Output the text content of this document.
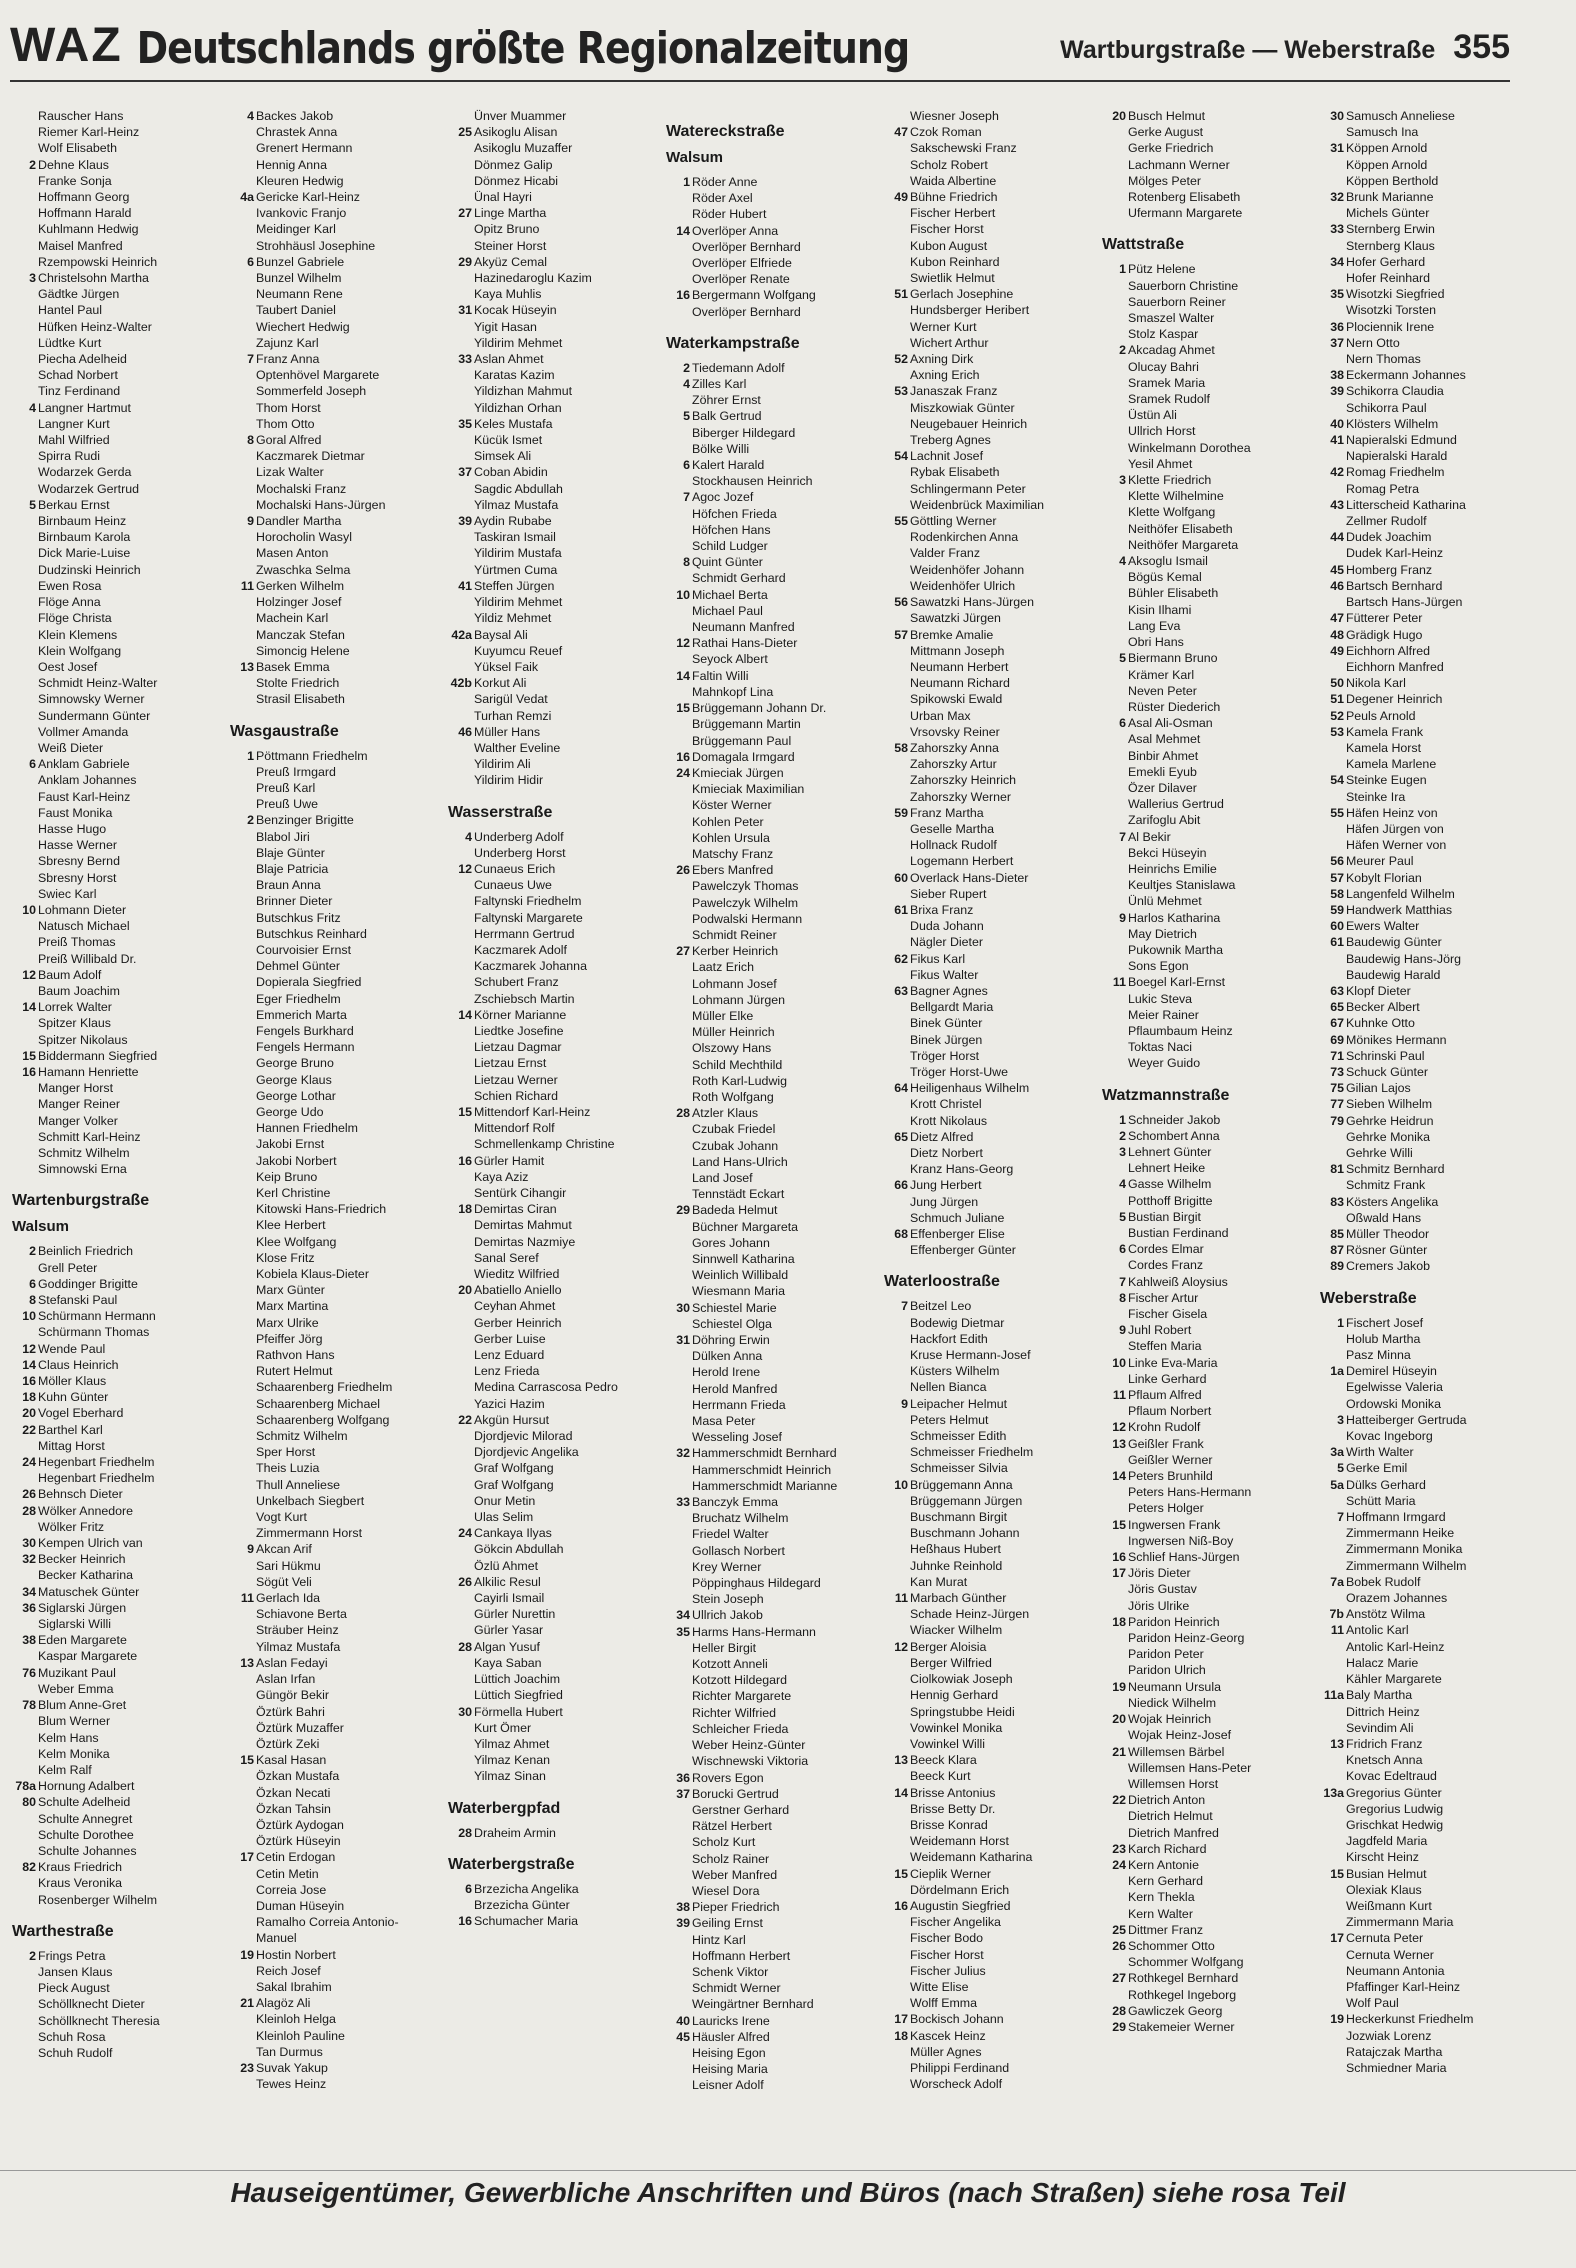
WAZ Deutschlands größte Regionalzeitung	Wartburgstraße — Weberstraße 355
Rauscher Hans
Riemer Karl-Heinz
Wolf Elisabeth
2 Dehne Klaus
Franke Sonja
Hoffmann Georg
Hoffmann Harald
Kuhlmann Hedwig
Maisel Manfred
Rzempowski Heinrich
3 Christelsohn Martha
Gädtke Jürgen
Hantel Paul
Hüfken Heinz-Walter
Lüdtke Kurt
Piecha Adelheid
Schad Norbert
Tinz Ferdinand
4 Langner Hartmut
Langner Kurt
Mahl Wilfried
Spirra Rudi
Wodarzek Gerda
Wodarzek Gertrud
5 Berkau Ernst
Birnbaum Heinz
Birnbaum Karola
Dick Marie-Luise
Dudzinski Heinrich
Ewen Rosa
Flöge Anna
Flöge Christa
Klein Klemens
Klein Wolfgang
Oest Josef
Schmidt Heinz-Walter
Simnowsky Werner
Sundermann Günter
Vollmer Amanda
Weiß Dieter
6 Anklam Gabriele
Anklam Johannes
Faust Karl-Heinz
Faust Monika
Hasse Hugo
Hasse Werner
Sbresny Bernd
Sbresny Horst
Swiec Karl
10 Lohmann Dieter
Natusch Michael
Preiß Thomas
Preiß Willibald Dr.
12 Baum Adolf
Baum Joachim
14 Lorrek Walter
Spitzer Klaus
Spitzer Nikolaus
15 Biddermann Siegfried
16 Hamann Henriette
Manger Horst
Manger Reiner
Manger Volker
Schmitt Karl-Heinz
Schmitz Wilhelm
Simnowski Erna
Wartenburgstraße
Walsum
2 Beinlich Friedrich
Grell Peter
6 Goddinger Brigitte
8 Stefanski Paul
10 Schürmann Hermann
Schürmann Thomas
12 Wende Paul
14 Claus Heinrich
16 Möller Klaus
18 Kuhn Günter
20 Vogel Eberhard
22 Barthel Karl
Mittag Horst
24 Hegenbart Friedhelm
Hegenbart Friedhelm
26 Behnsch Dieter
28 Wölker Annedore
Wölker Fritz
30 Kempen Ulrich van
32 Becker Heinrich
Becker Katharina
34 Matuschek Günter
36 Siglarski Jürgen
Siglarski Willi
38 Eden Margarete
Kaspar Margarete
76 Muzikant Paul
Weber Emma
78 Blum Anne-Gret
Blum Werner
Kelm Hans
Kelm Monika
Kelm Ralf
78a Hornung Adalbert
80 Schulte Adelheid
Schulte Annegret
Schulte Dorothee
Schulte Johannes
82 Kraus Friedrich
Kraus Veronika
Rosenberger Wilhelm
Warthestraße
2 Frings Petra
Jansen Klaus
Pieck August
Schöllknecht Dieter
Schöllknecht Theresia
Schuh Rosa
Schuh Rudolf
4 Backes Jakob
Chrastek Anna
Grenert Hermann
Hennig Anna
Kleuren Hedwig
4a Gericke Karl-Heinz
Ivankovic Franjo
Meidinger Karl
Strohhäusl Josephine
6 Bunzel Gabriele
Bunzel Wilhelm
Neumann Rene
Taubert Daniel
Wiechert Hedwig
Zajunz Karl
7 Franz Anna
Optenhövel Margarete
Sommerfeld Joseph
Thom Horst
Thom Otto
8 Goral Alfred
Kaczmarek Dietmar
Lizak Walter
Mochalski Franz
Mochalski Hans-Jürgen
9 Dandler Martha
Horocholin Wasyl
Masen Anton
Zwaschka Selma
11 Gerken Wilhelm
Holzinger Josef
Machein Karl
Manczak Stefan
Simoncig Helene
13 Basek Emma
Stolte Friedrich
Strasil Elisabeth
Wasgaustraße
1 Pöttmann Friedhelm
Preuß Irmgard
Preuß Karl
Preuß Uwe
2 Benzinger Brigitte
Blabol Jiri
Blaje Günter
Blaje Patricia
Braun Anna
Brinner Dieter
Butschkus Fritz
Butschkus Reinhard
Courvoisier Ernst
Dehmel Günter
Dopierala Siegfried
Eger Friedhelm
Emmerich Marta
Fengels Burkhard
Fengels Hermann
George Bruno
George Klaus
George Lothar
George Udo
Hannen Friedhelm
Jakobi Ernst
Jakobi Norbert
Keip Bruno
Kerl Christine
Kitowski Hans-Friedrich
Klee Herbert
Klee Wolfgang
Klose Fritz
Kobiela Klaus-Dieter
Marx Günter
Marx Martina
Marx Ulrike
Pfeiffer Jörg
Rathvon Hans
Rutert Helmut
Schaarenberg Friedhelm
Schaarenberg Michael
Schaarenberg Wolfgang
Schmitz Wilhelm
Sper Horst
Theis Luzia
Thull Anneliese
Unkelbach Siegbert
Vogt Kurt
Zimmermann Horst
9 Akcan Arif
Sari Hükmu
Sögüt Veli
11 Gerlach Ida
Schiavone Berta
Sträuber Heinz
Yilmaz Mustafa
13 Aslan Fedayi
Aslan Irfan
Güngör Bekir
Öztürk Bahri
Öztürk Muzaffer
Öztürk Zeki
15 Kasal Hasan
Özkan Mustafa
Özkan Necati
Özkan Tahsin
Öztürk Aydogan
Öztürk Hüseyin
17 Cetin Erdogan
Cetin Metin
Correia Jose
Duman Hüseyin
Ramalho Correia Antonio-
Manuel
19 Hostin Norbert
Reich Josef
Sakal Ibrahim
21 Alagöz Ali
Kleinloh Helga
Kleinloh Pauline
Tan Durmus
23 Suvak Yakup
Tewes Heinz
Ünver Muammer
25 Asikoglu Alisan
Asikoglu Muzaffer
Dönmez Galip
Dönmez Hicabi
Ünal Hayri
27 Linge Martha
Opitz Bruno
Steiner Horst
29 Akyüz Cemal
Hazinedaroglu Kazim
Kaya Muhlis
31 Kocak Hüseyin
Yigit Hasan
Yildirim Mehmet
33 Aslan Ahmet
Karatas Kazim
Yildizhan Mahmut
Yildizhan Orhan
35 Keles Mustafa
Kücük Ismet
Simsek Ali
37 Coban Abidin
Sagdic Abdullah
Yilmaz Mustafa
39 Aydin Rubabe
Taskiran Ismail
Yildirim Mustafa
Yürtmen Cuma
41 Steffen Jürgen
Yildirim Mehmet
Yildiz Mehmet
42a Baysal Ali
Kuyumcu Reuef
Yüksel Faik
42b Korkut Ali
Sarigül Vedat
Turhan Remzi
46 Müller Hans
Walther Eveline
Yildirim Ali
Yildirim Hidir
Wasserstraße
4 Underberg Adolf
Underberg Horst
12 Cunaeus Erich
Cunaeus Uwe
Faltynski Friedhelm
Faltynski Margarete
Herrmann Gertrud
Kaczmarek Adolf
Kaczmarek Johanna
Schubert Franz
Zschiebsch Martin
14 Körner Marianne
Liedtke Josefine
Lietzau Dagmar
Lietzau Ernst
Lietzau Werner
Schien Richard
15 Mittendorf Karl-Heinz
Mittendorf Rolf
Schmellenkamp Christine
16 Gürler Hamit
Kaya Aziz
Sentürk Cihangir
18 Demirtas Ciran
Demirtas Mahmut
Demirtas Nazmiye
Sanal Seref
Wieditz Wilfried
20 Abatiello Aniello
Ceyhan Ahmet
Gerber Heinrich
Gerber Luise
Lenz Eduard
Lenz Frieda
Medina Carrascosa Pedro
Yazici Hazim
22 Akgün Hursut
Djordjevic Milorad
Djordjevic Angelika
Graf Wolfgang
Graf Wolfgang
Onur Metin
Ulas Selim
24 Cankaya Ilyas
Gökcin Abdullah
Özlü Ahmet
26 Alkilic Resul
Cayirli Ismail
Gürler Nurettin
Gürler Yasar
28 Algan Yusuf
Kaya Saban
Lüttich Joachim
Lüttich Siegfried
30 Förmella Hubert
Kurt Ömer
Yilmaz Ahmet
Yilmaz Kenan
Yilmaz Sinan
Waterbergpfad
28 Draheim Armin
Waterbergstraße
6 Brzezicha Angelika
Brzezicha Günter
16 Schumacher Maria
Watereckstraße
Walsum
1 Röder Anne
Röder Axel
Röder Hubert
14 Overlöper Anna
Overlöper Bernhard
Overlöper Elfriede
Overlöper Renate
16 Bergermann Wolfgang
Overlöper Bernhard
Waterkampstraße
2 Tiedemann Adolf
4 Zilles Karl
Zöhrer Ernst
5 Balk Gertrud
Biberger Hildegard
Bölke Willi
6 Kalert Harald
Stockhausen Heinrich
7 Agoc Jozef
Höfchen Frieda
Höfchen Hans
Schild Ludger
8 Quint Günter
Schmidt Gerhard
10 Michael Berta
Michael Paul
Neumann Manfred
12 Rathai Hans-Dieter
Seyock Albert
14 Faltin Willi
Mahnkopf Lina
15 Brüggemann Johann Dr.
Brüggemann Martin
Brüggemann Paul
16 Domagala Irmgard
24 Kmieciak Jürgen
Kmieciak Maximilian
Köster Werner
Kohlen Peter
Kohlen Ursula
Matschy Franz
26 Ebers Manfred
Pawelczyk Thomas
Pawelczyk Wilhelm
Podwalski Hermann
Schmidt Reiner
27 Kerber Heinrich
Laatz Erich
Lohmann Josef
Lohmann Jürgen
Müller Elke
Müller Heinrich
Olszowy Hans
Schild Mechthild
Roth Karl-Ludwig
Roth Wolfgang
28 Atzler Klaus
Czubak Friedel
Czubak Johann
Land Hans-Ulrich
Land Josef
Tennstädt Eckart
29 Badeda Helmut
Büchner Margareta
Gores Johann
Sinnwell Katharina
Weinlich Willibald
Wiesmann Maria
30 Schiestel Marie
Schiestel Olga
31 Döhring Erwin
Dülken Anna
Herold Irene
Herold Manfred
Herrmann Frieda
Masa Peter
Wesseling Josef
32 Hammerschmidt Bernhard
Hammerschmidt Heinrich
Hammerschmidt Marianne
33 Banczyk Emma
Bruchatz Wilhelm
Friedel Walter
Gollasch Norbert
Krey Werner
Pöppinghaus Hildegard
Stein Joseph
34 Ullrich Jakob
35 Harms Hans-Hermann
Heller Birgit
Kotzott Anneli
Kotzott Hildegard
Richter Margarete
Richter Wilfried
Schleicher Frieda
Weber Heinz-Günter
Wischnewski Viktoria
36 Rovers Egon
37 Borucki Gertrud
Gerstner Gerhard
Rätzel Herbert
Scholz Kurt
Scholz Rainer
Weber Manfred
Wiesel Dora
38 Pieper Friedrich
39 Geiling Ernst
Hintz Karl
Hoffmann Herbert
Schenk Viktor
Schmidt Werner
Weingärtner Bernhard
40 Lauricks Irene
45 Häusler Alfred
Heising Egon
Heising Maria
Leisner Adolf
Wiesner Joseph
47 Czok Roman
Sakschewski Franz
Scholz Robert
Waida Albertine
49 Bühne Friedrich
Fischer Herbert
Fischer Horst
Kubon August
Kubon Reinhard
Swietlik Helmut
51 Gerlach Josephine
Hundsberger Heribert
Werner Kurt
Wichert Arthur
52 Axning Dirk
Axning Erich
53 Janaszak Franz
Miszkowiak Günter
Neugebauer Heinrich
Treberg Agnes
54 Lachnit Josef
Rybak Elisabeth
Schlingermann Peter
Weidenbrück Maximilian
55 Göttling Werner
Rodenkirchen Anna
Valder Franz
Weidenhöfer Johann
Weidenhöfer Ulrich
56 Sawatzki Hans-Jürgen
Sawatzki Jürgen
57 Bremke Amalie
Mittmann Joseph
Neumann Herbert
Neumann Richard
Spikowski Ewald
Urban Max
Vrsovsky Reiner
58 Zahorszky Anna
Zahorszky Artur
Zahorszky Heinrich
Zahorszky Werner
59 Franz Martha
Geselle Martha
Hollnack Rudolf
Logemann Herbert
60 Overlack Hans-Dieter
Sieber Rupert
61 Brixa Franz
Duda Johann
Nägler Dieter
62 Fikus Karl
Fikus Walter
63 Bagner Agnes
Bellgardt Maria
Binek Günter
Binek Jürgen
Tröger Horst
Tröger Horst-Uwe
64 Heiligenhaus Wilhelm
Krott Christel
Krott Nikolaus
65 Dietz Alfred
Dietz Norbert
Kranz Hans-Georg
66 Jung Herbert
Jung Jürgen
Schmuch Juliane
68 Effenberger Elise
Effenberger Günter
Waterloostraße
7 Beitzel Leo
Bodewig Dietmar
Hackfort Edith
Kruse Hermann-Josef
Küsters Wilhelm
Nellen Bianca
9 Leipacher Helmut
Peters Helmut
Schmeisser Edith
Schmeisser Friedhelm
Schmeisser Silvia
10 Brüggemann Anna
Brüggemann Jürgen
Buschmann Birgit
Buschmann Johann
Heßhaus Hubert
Juhnke Reinhold
Kan Murat
11 Marbach Günther
Schade Heinz-Jürgen
Wiacker Wilhelm
12 Berger Aloisia
Berger Wilfried
Ciolkowiak Joseph
Hennig Gerhard
Springstubbe Heidi
Vowinkel Monika
Vowinkel Willi
13 Beeck Klara
Beeck Kurt
14 Brisse Antonius
Brisse Betty Dr.
Brisse Konrad
Weidemann Horst
Weidemann Katharina
15 Cieplik Werner
Dördelmann Erich
16 Augustin Siegfried
Fischer Angelika
Fischer Bodo
Fischer Horst
Fischer Julius
Witte Elise
Wolff Emma
17 Bockisch Johann
18 Kascek Heinz
Müller Agnes
Philippi Ferdinand
Worscheck Adolf
20 Busch Helmut
Gerke August
Gerke Friedrich
Lachmann Werner
Mölges Peter
Rotenberg Elisabeth
Ufermann Margarete
Wattstraße
1 Pütz Helene
Sauerborn Christine
Sauerborn Reiner
Smaszel Walter
Stolz Kaspar
2 Akcadag Ahmet
Olucay Bahri
Sramek Maria
Sramek Rudolf
Üstün Ali
Ullrich Horst
Winkelmann Dorothea
Yesil Ahmet
3 Klette Friedrich
Klette Wilhelmine
Klette Wolfgang
Neithöfer Elisabeth
Neithöfer Margareta
4 Aksoglu Ismail
Bögüs Kemal
Bühler Elisabeth
Kisin Ilhami
Lang Eva
Obri Hans
5 Biermann Bruno
Krämer Karl
Neven Peter
Rüster Diederich
6 Asal Ali-Osman
Asal Mehmet
Binbir Ahmet
Emekli Eyub
Özer Dilaver
Wallerius Gertrud
Zarifoglu Abit
7 Al Bekir
Bekci Hüseyin
Heinrichs Emilie
Keultjes Stanislawa
Ünlü Mehmet
9 Harlos Katharina
May Dietrich
Pukownik Martha
Sons Egon
11 Boegel Karl-Ernst
Lukic Steva
Meier Rainer
Pflaumbaum Heinz
Toktas Naci
Weyer Guido
Watzmannstraße
1 Schneider Jakob
2 Schombert Anna
3 Lehnert Günter
Lehnert Heike
4 Gasse Wilhelm
Potthoff Brigitte
5 Bustian Birgit
Bustian Ferdinand
6 Cordes Elmar
Cordes Franz
7 Kahlweiß Aloysius
8 Fischer Artur
Fischer Gisela
9 Juhl Robert
Steffen Maria
10 Linke Eva-Maria
Linke Gerhard
11 Pflaum Alfred
Pflaum Norbert
12 Krohn Rudolf
13 Geißler Frank
Geißler Werner
14 Peters Brunhild
Peters Hans-Hermann
Peters Holger
15 Ingwersen Frank
Ingwersen Niß-Boy
16 Schlief Hans-Jürgen
17 Jöris Dieter
Jöris Gustav
Jöris Ulrike
18 Paridon Heinrich
Paridon Heinz-Georg
Paridon Peter
Paridon Ulrich
19 Neumann Ursula
Niedick Wilhelm
20 Wojak Heinrich
Wojak Heinz-Josef
21 Willemsen Bärbel
Willemsen Hans-Peter
Willemsen Horst
22 Dietrich Anton
Dietrich Helmut
Dietrich Manfred
23 Karch Richard
24 Kern Antonie
Kern Gerhard
Kern Thekla
Kern Walter
25 Dittmer Franz
26 Schommer Otto
Schommer Wolfgang
27 Rothkegel Bernhard
Rothkegel Ingeborg
28 Gawliczek Georg
29 Stakemeier Werner
30 Samusch Anneliese
Samusch Ina
31 Köppen Arnold
Köppen Arnold
Köppen Berthold
32 Brunk Marianne
Michels Günter
33 Sternberg Erwin
Sternberg Klaus
34 Hofer Gerhard
Hofer Reinhard
35 Wisotzki Siegfried
Wisotzki Torsten
36 Plociennik Irene
37 Nern Otto
Nern Thomas
38 Eckermann Johannes
39 Schikorra Claudia
Schikorra Paul
40 Klösters Wilhelm
41 Napieralski Edmund
Napieralski Harald
42 Romag Friedhelm
Romag Petra
43 Litterscheid Katharina
Zellmer Rudolf
44 Dudek Joachim
Dudek Karl-Heinz
45 Homberg Franz
46 Bartsch Bernhard
Bartsch Hans-Jürgen
47 Fütterer Peter
48 Grädigk Hugo
49 Eichhorn Alfred
Eichhorn Manfred
50 Nikola Karl
51 Degener Heinrich
52 Peuls Arnold
53 Kamela Frank
Kamela Horst
Kamela Marlene
54 Steinke Eugen
Steinke Ira
55 Häfen Heinz von
Häfen Jürgen von
Häfen Werner von
56 Meurer Paul
57 Kobylt Florian
58 Langenfeld Wilhelm
59 Handwerk Matthias
60 Ewers Walter
61 Baudewig Günter
Baudewig Hans-Jörg
Baudewig Harald
63 Klopf Dieter
65 Becker Albert
67 Kuhnke Otto
69 Mönikes Hermann
71 Schrinski Paul
73 Schuck Günter
75 Gilian Lajos
77 Sieben Wilhelm
79 Gehrke Heidrun
Gehrke Monika
Gehrke Willi
81 Schmitz Bernhard
Schmitz Frank
83 Kösters Angelika
Oßwald Hans
85 Müller Theodor
87 Rösner Günter
89 Cremers Jakob
Weberstraße
1 Fischert Josef
Holub Martha
Pasz Minna
1a Demirel Hüseyin
Egelwisse Valeria
Ordowski Monika
3 Hatteiberger Gertruda
Kovac Ingeborg
3a Wirth Walter
5 Gerke Emil
5a Dülks Gerhard
Schütt Maria
7 Hoffmann Irmgard
Zimmermann Heike
Zimmermann Monika
Zimmermann Wilhelm
7a Bobek Rudolf
Orazem Johannes
7b Anstötz Wilma
11 Antolic Karl
Antolic Karl-Heinz
Halacz Marie
Kähler Margarete
11a Baly Martha
Dittrich Heinz
Sevindim Ali
13 Fridrich Franz
Knetsch Anna
Kovac Edeltraud
13a Gregorius Günter
Gregorius Ludwig
Grischkat Hedwig
Jagdfeld Maria
Kirscht Heinz
15 Busian Helmut
Olexiak Klaus
Weißmann Kurt
Zimmermann Maria
17 Cernuta Peter
Cernuta Werner
Neumann Antonia
Pfaffinger Karl-Heinz
Wolf Paul
19 Heckerkunst Friedhelm
Jozwiak Lorenz
Ratajczak Martha
Schmiedner Maria
Hauseigentümer, Gewerbliche Anschriften und Büros (nach Straßen) siehe rosa Teil
